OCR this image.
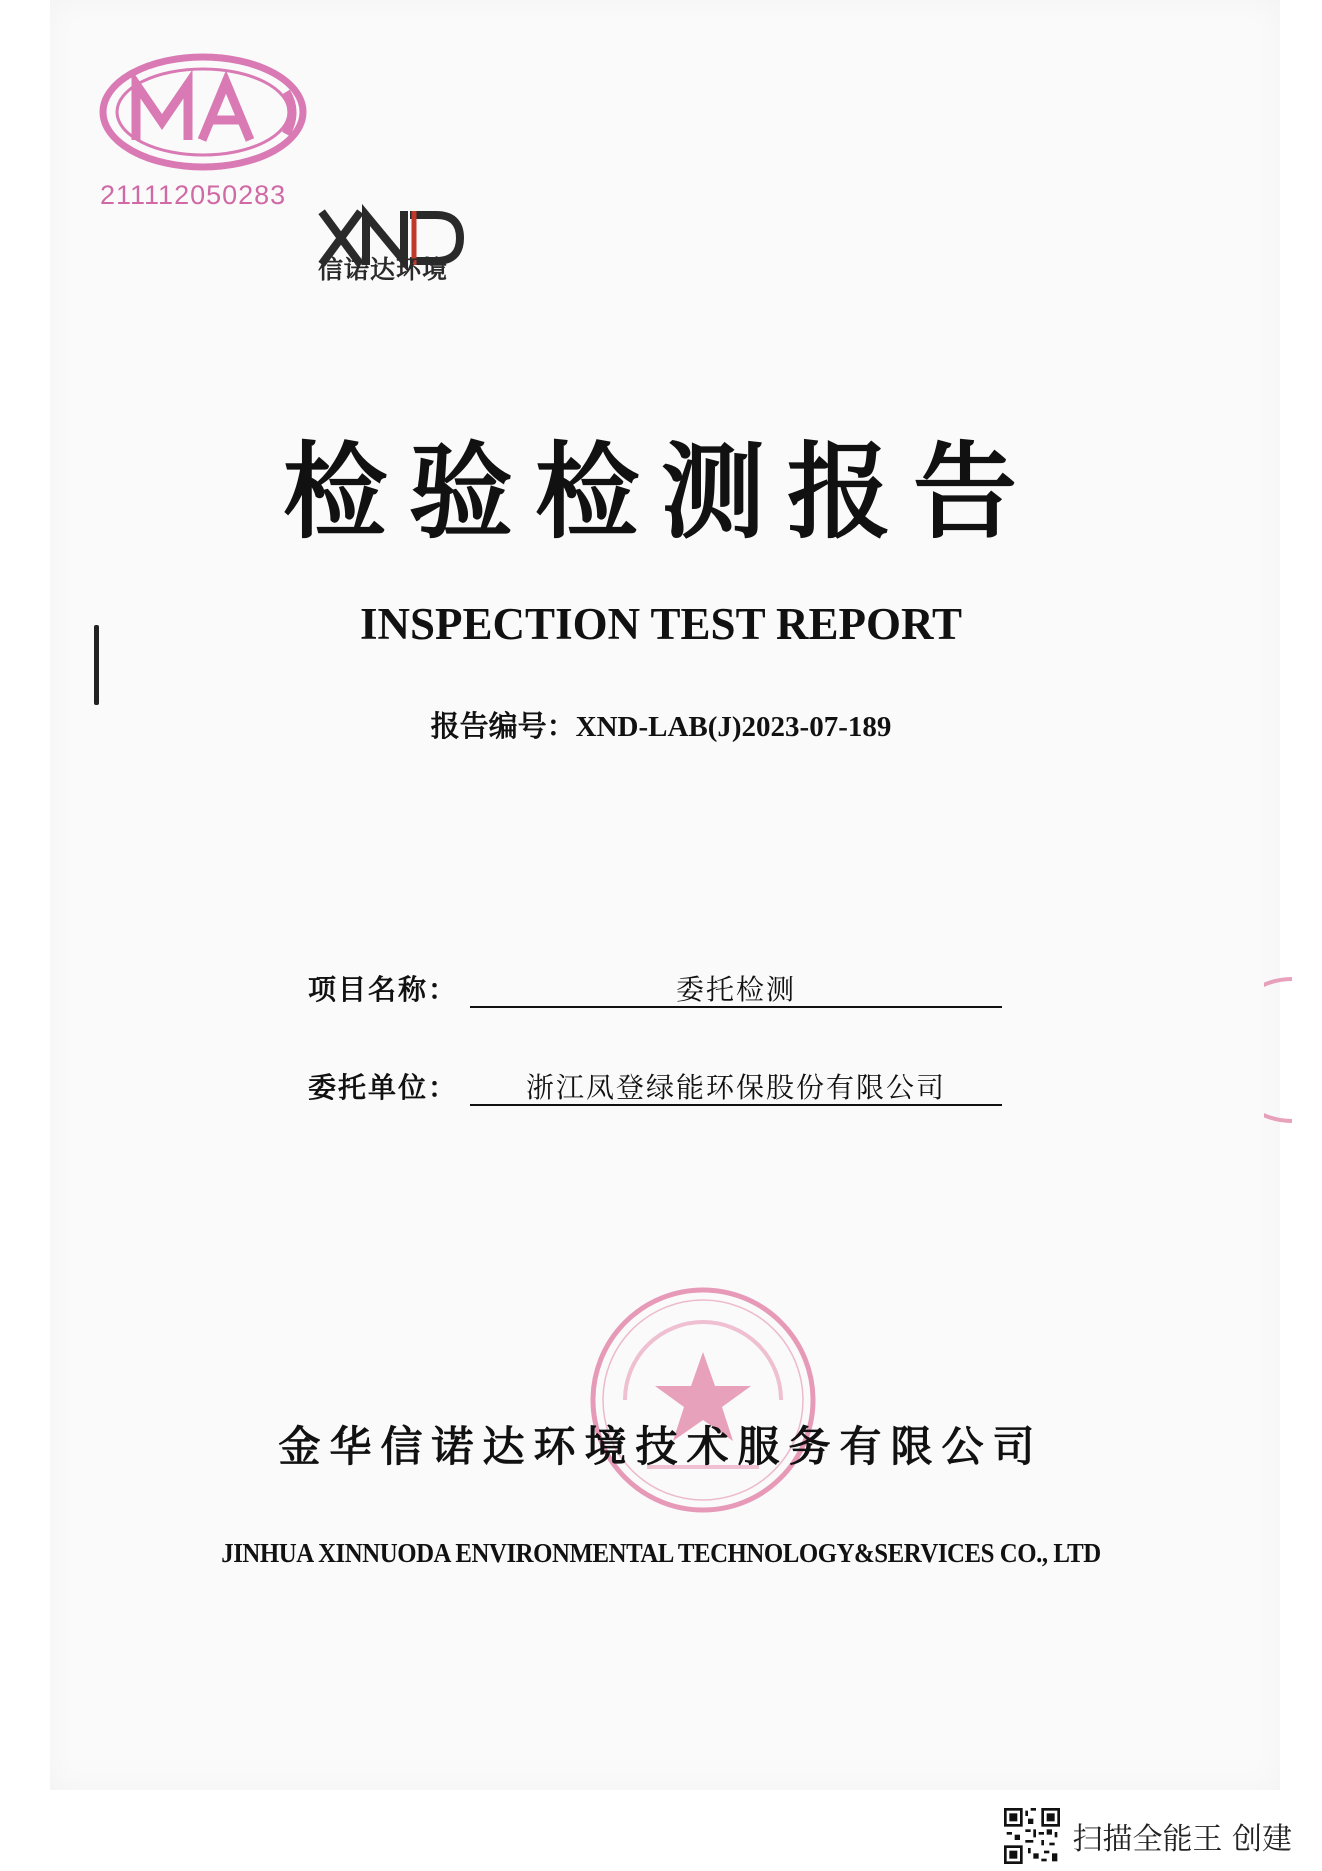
211112050283
信诺达环境
检验检测报告
INSPECTION TEST REPORT
报告编号：XND-LAB(J)2023-07-189
项目名称：	委托检测
委托单位：	浙江凤登绿能环保股份有限公司
金华信诺达环境技术服务有限公司
JINHUA XINNUODA ENVIRONMENTAL TECHNOLOGY&SERVICES CO., LTD
扫描全能王 创建
